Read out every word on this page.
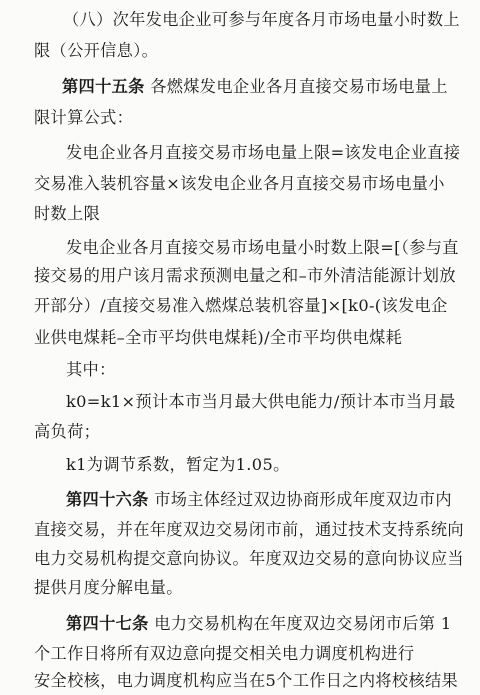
（八）次年发电企业可参与年度各月市场电量小时数上
限（公开信息）。
第四十五条 各燃煤发电企业各月直接交易市场电量上
限计算公式：
发电企业各月直接交易市场电量上限=该发电企业直接
交易准入装机容量×该发电企业各月直接交易市场电量小
时数上限
发电企业各月直接交易市场电量小时数上限=[（参与直
接交易的用户该月需求预测电量之和–市外清洁能源计划放
开部分）/直接交易准入燃煤总装机容量]×[k0-(该发电企
业供电煤耗–全市平均供电煤耗)/全市平均供电煤耗
其中：
k0=k1×预计本市当月最大供电能力/预计本市当月最
高负荷；
k1为调节系数，暂定为1.05。
第四十六条 市场主体经过双边协商形成年度双边市内
直接交易，并在年度双边交易闭市前，通过技术支持系统向
电力交易机构提交意向协议。年度双边交易的意向协议应当
提供月度分解电量。
第四十七条 电力交易机构在年度双边交易闭市后第 1
个工作日将所有双边意向提交相关电力调度机构进行
安全校核，电力调度机构应当在5个工作日之内将校核结果
